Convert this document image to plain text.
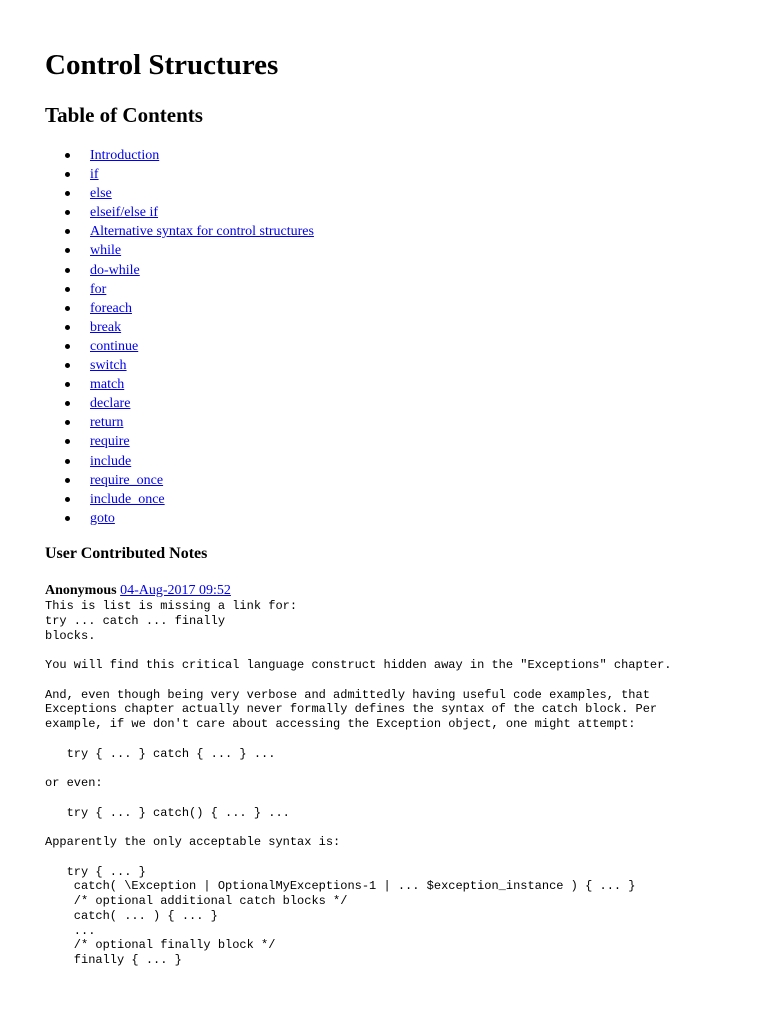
Control Structures
Table of Contents
Introduction
if
else
elseif/else if
Alternative syntax for control structures
while
do-while
for
foreach
break
continue
switch
match
declare
return
require
include
require_once
include_once
goto
User Contributed Notes
Anonymous 04-Aug-2017 09:52
This is list is missing a link for:
try ... catch ... finally
blocks.

You will find this critical language construct hidden away in the "Exceptions" chapter.

And, even though being very verbose and admittedly having useful code examples, that
Exceptions chapter actually never formally defines the syntax of the catch block. Per
example, if we don't care about accessing the Exception object, one might attempt:

try { ... } catch { ... } ...

or even:

try { ... } catch() { ... } ...

Apparently the only acceptable syntax is:

try { ... }
catch( \Exception | OptionalMyExceptions-1 | ... $exception_instance ) { ... }
/* optional additional catch blocks */
catch( ... ) { ... }
...
/* optional finally block */
finally { ... }
